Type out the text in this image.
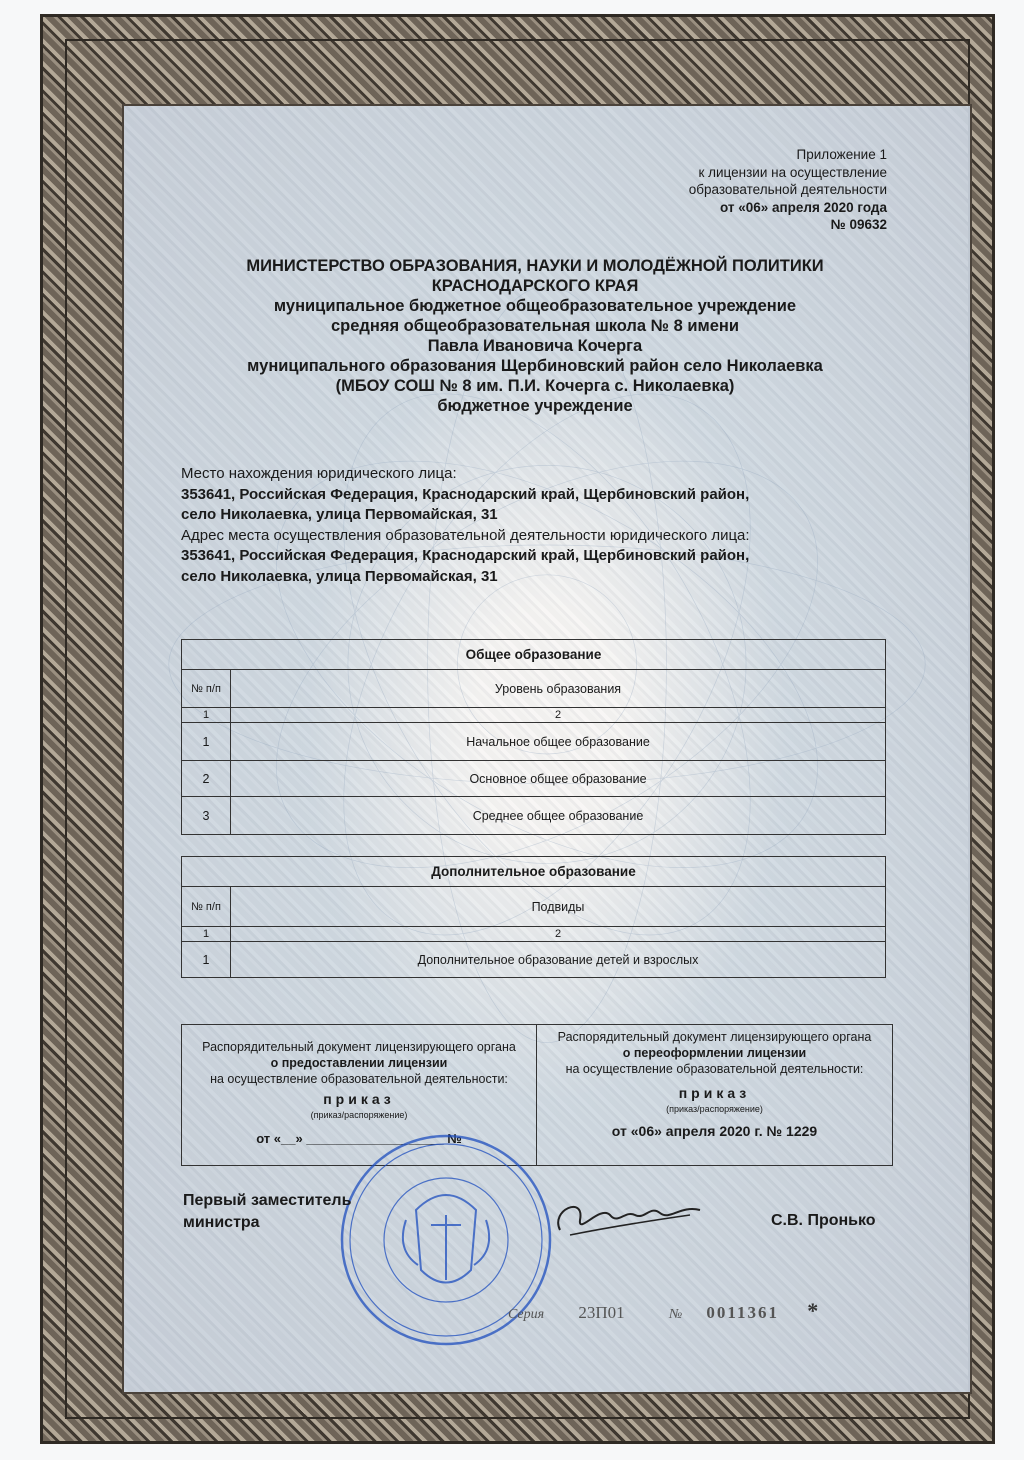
Приложение 1
к лицензии на осуществление
образовательной деятельности
от «06» апреля 2020 года
№ 09632
МИНИСТЕРСТВО ОБРАЗОВАНИЯ, НАУКИ И МОЛОДЁЖНОЙ ПОЛИТИКИ
КРАСНОДАРСКОГО КРАЯ
муниципальное бюджетное общеобразовательное учреждение
средняя общеобразовательная школа № 8 имени
Павла Ивановича Кочерга
муниципального образования Щербиновский район село Николаевка
(МБОУ СОШ № 8 им. П.И. Кочерга с. Николаевка)
бюджетное учреждение
Место нахождения юридического лица:
353641, Российская Федерация, Краснодарский край, Щербиновский район,
село Николаевка, улица Первомайская, 31
Адрес места осуществления образовательной деятельности юридического лица:
353641, Российская Федерация, Краснодарский край, Щербиновский район,
село Николаевка, улица Первомайская, 31
Общее образование	
№ п/п	Уровень образования
1	2
1	Начальное общее образование
2	Основное общее образование
3	Среднее общее образование
Дополнительное образование	
№ п/п	Подвиды
1	2
1	Дополнительное образование детей и взрослых
Распорядительный документ лицензирующего органа
о предоставлении лицензии
на осуществление образовательной деятельности:
приказ
(приказ/распоряжение)
от «__» ___________________ №
Распорядительный документ лицензирующего органа
о переоформлении лицензии
на осуществление образовательной деятельности:
приказ
(приказ/распоряжение)
от «06» апреля 2020 г. № 1229
Первый заместитель
министра	С.В. Пронько
Серия 23П01	№ 0011361 *
